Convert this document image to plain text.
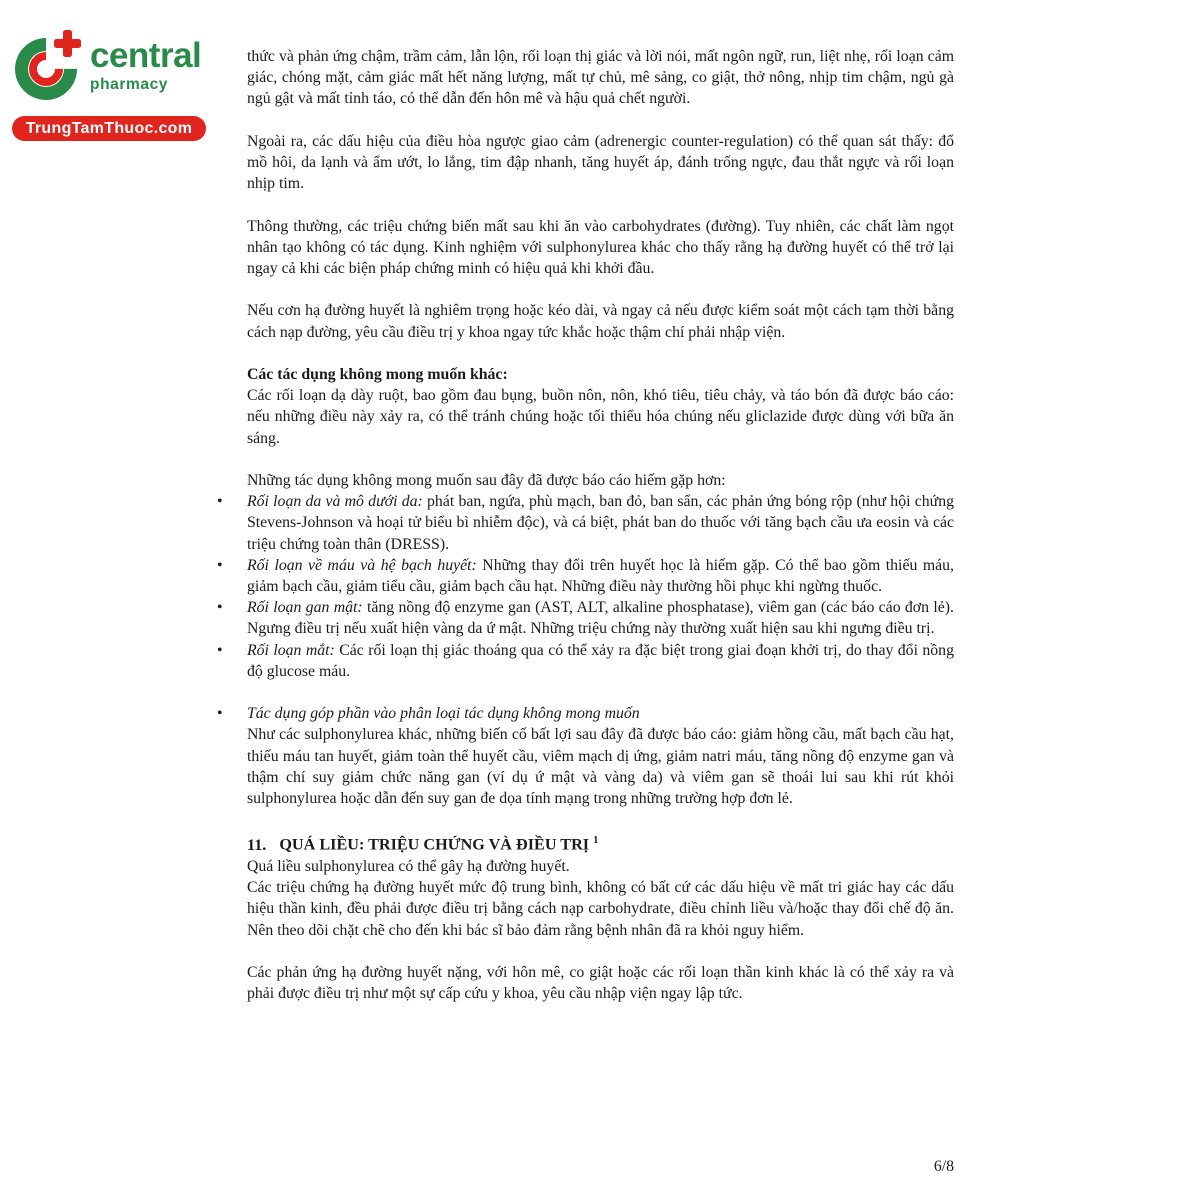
central
pharmacy
TrungTamThuoc.com

thức và phản ứng chậm, trầm cảm, lẫn lộn, rối loạn thị giác và lời nói, mất ngôn ngữ, run, liệt nhẹ, rối loạn cảm giác, chóng mặt, cảm giác mất hết năng lượng, mất tự chủ, mê sảng, co giật, thở nông, nhịp tim chậm, ngủ gà ngủ gật và mất tỉnh táo, có thể dẫn đến hôn mê và hậu quả chết người.

Ngoài ra, các dấu hiệu của điều hòa ngược giao cảm (adrenergic counter-regulation) có thể quan sát thấy: đổ mồ hôi, da lạnh và ẩm ướt, lo lắng, tim đập nhanh, tăng huyết áp, đánh trống ngực, đau thắt ngực và rối loạn nhịp tim.

Thông thường, các triệu chứng biến mất sau khi ăn vào carbohydrates (đường). Tuy nhiên, các chất làm ngọt nhân tạo không có tác dụng. Kinh nghiệm với sulphonylurea khác cho thấy rằng hạ đường huyết có thể trở lại ngay cả khi các biện pháp chứng minh có hiệu quả khi khởi đầu.

Nếu cơn hạ đường huyết là nghiêm trọng hoặc kéo dài, và ngay cả nếu được kiểm soát một cách tạm thời bằng cách nạp đường, yêu cầu điều trị y khoa ngay tức khắc hoặc thậm chí phải nhập viện.

Các tác dụng không mong muốn khác:

Các rối loạn dạ dày ruột, bao gồm đau bụng, buồn nôn, nôn, khó tiêu, tiêu chảy, và táo bón đã được báo cáo: nếu những điều này xảy ra, có thể tránh chúng hoặc tối thiểu hóa chúng nếu gliclazide được dùng với bữa ăn sáng.

Những tác dụng không mong muốn sau đây đã được báo cáo hiếm gặp hơn:

• Rối loạn da và mô dưới da: phát ban, ngứa, phù mạch, ban đỏ, ban sẩn, các phản ứng bóng rộp (như hội chứng Stevens-Johnson và hoại tử biểu bì nhiễm độc), và cá biệt, phát ban do thuốc với tăng bạch cầu ưa eosin và các triệu chứng toàn thân (DRESS).
• Rối loạn về máu và hệ bạch huyết: Những thay đổi trên huyết học là hiếm gặp. Có thể bao gồm thiếu máu, giảm bạch cầu, giảm tiểu cầu, giảm bạch cầu hạt. Những điều này thường hồi phục khi ngừng thuốc.
• Rối loạn gan mật: tăng nồng độ enzyme gan (AST, ALT, alkaline phosphatase), viêm gan (các báo cáo đơn lẻ). Ngưng điều trị nếu xuất hiện vàng da ứ mật. Những triệu chứng này thường xuất hiện sau khi ngưng điều trị.
• Rối loạn mắt: Các rối loạn thị giác thoáng qua có thể xảy ra đặc biệt trong giai đoạn khởi trị, do thay đổi nồng độ glucose máu.
• Tác dụng góp phần vào phân loại tác dụng không mong muốn
Như các sulphonylurea khác, những biến cố bất lợi sau đây đã được báo cáo: giảm hồng cầu, mất bạch cầu hạt, thiếu máu tan huyết, giảm toàn thể huyết cầu, viêm mạch dị ứng, giảm natri máu, tăng nồng độ enzyme gan và thậm chí suy giảm chức năng gan (ví dụ ứ mật và vàng da) và viêm gan sẽ thoái lui sau khi rút khỏi sulphonylurea hoặc dẫn đến suy gan đe dọa tính mạng trong những trường hợp đơn lẻ.
11. QUÁ LIỀU: TRIỆU CHỨNG VÀ ĐIỀU TRỊ $^1$

Quá liều sulphonylurea có thể gây hạ đường huyết.

Các triệu chứng hạ đường huyết mức độ trung bình, không có bất cứ các dấu hiệu về mất tri giác hay các dấu hiệu thần kinh, đều phải được điều trị bằng cách nạp carbohydrate, điều chỉnh liều và/hoặc thay đổi chế độ ăn. Nên theo dõi chặt chẽ cho đến khi bác sĩ bảo đảm rằng bệnh nhân đã ra khỏi nguy hiểm.

Các phản ứng hạ đường huyết nặng, với hôn mê, co giật hoặc các rối loạn thần kinh khác là có thể xảy ra và phải được điều trị như một sự cấp cứu y khoa, yêu cầu nhập viện ngay lập tức.

6/8
